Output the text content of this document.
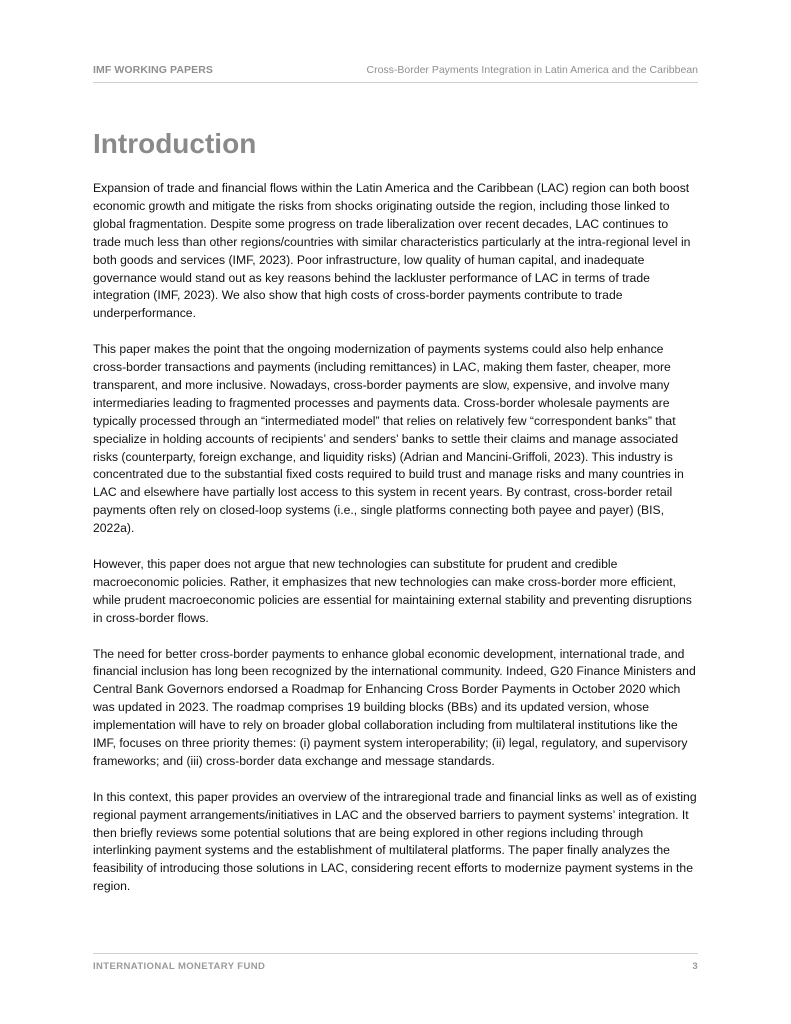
IMF WORKING PAPERS	Cross-Border Payments Integration in Latin America and the Caribbean
Introduction

Expansion of trade and financial flows within the Latin America and the Caribbean (LAC) region can both boost economic growth and mitigate the risks from shocks originating outside the region, including those linked to global fragmentation. Despite some progress on trade liberalization over recent decades, LAC continues to trade much less than other regions/countries with similar characteristics particularly at the intra-regional level in both goods and services (IMF, 2023). Poor infrastructure, low quality of human capital, and inadequate governance would stand out as key reasons behind the lackluster performance of LAC in terms of trade integration (IMF, 2023). We also show that high costs of cross-border payments contribute to trade underperformance.

This paper makes the point that the ongoing modernization of payments systems could also help enhance cross-border transactions and payments (including remittances) in LAC, making them faster, cheaper, more transparent, and more inclusive. Nowadays, cross-border payments are slow, expensive, and involve many intermediaries leading to fragmented processes and payments data. Cross-border wholesale payments are typically processed through an “intermediated model” that relies on relatively few “correspondent banks” that specialize in holding accounts of recipients’ and senders’ banks to settle their claims and manage associated risks (counterparty, foreign exchange, and liquidity risks) (Adrian and Mancini-Griffoli, 2023). This industry is concentrated due to the substantial fixed costs required to build trust and manage risks and many countries in LAC and elsewhere have partially lost access to this system in recent years. By contrast, cross-border retail payments often rely on closed-loop systems (i.e., single platforms connecting both payee and payer) (BIS, 2022a).

However, this paper does not argue that new technologies can substitute for prudent and credible macroeconomic policies. Rather, it emphasizes that new technologies can make cross-border more efficient, while prudent macroeconomic policies are essential for maintaining external stability and preventing disruptions in cross-border flows.

The need for better cross-border payments to enhance global economic development, international trade, and financial inclusion has long been recognized by the international community. Indeed, G20 Finance Ministers and Central Bank Governors endorsed a Roadmap for Enhancing Cross Border Payments in October 2020 which was updated in 2023. The roadmap comprises 19 building blocks (BBs) and its updated version, whose implementation will have to rely on broader global collaboration including from multilateral institutions like the IMF, focuses on three priority themes: (i) payment system interoperability; (ii) legal, regulatory, and supervisory frameworks; and (iii) cross-border data exchange and message standards.

In this context, this paper provides an overview of the intraregional trade and financial links as well as of existing regional payment arrangements/initiatives in LAC and the observed barriers to payment systems’ integration. It then briefly reviews some potential solutions that are being explored in other regions including through interlinking payment systems and the establishment of multilateral platforms. The paper finally analyzes the feasibility of introducing those solutions in LAC, considering recent efforts to modernize payment systems in the region.

INTERNATIONAL MONETARY FUND	3
